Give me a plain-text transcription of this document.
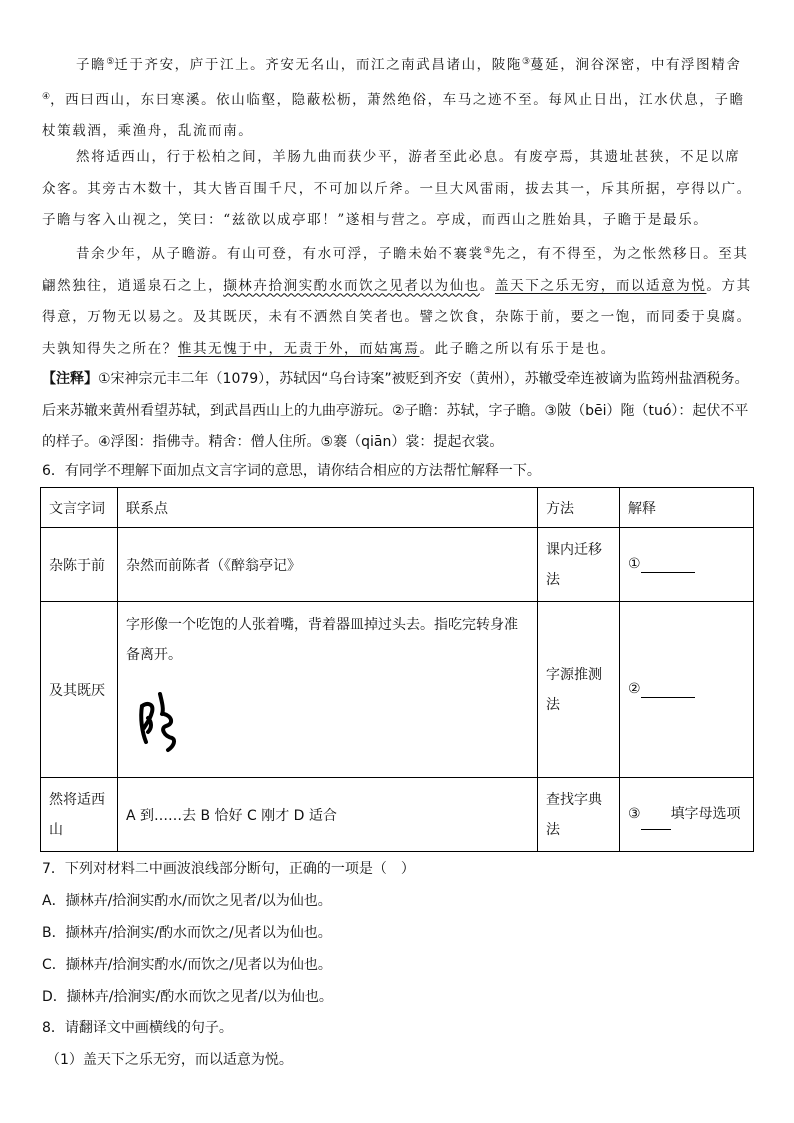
子瞻⑤迁于齐安，庐于江上。齐安无名山，而江之南武昌诸山，陂陁③蔓延，涧谷深密，中有浮图精舍④，西曰西山，东曰寒溪。依山临壑，隐蔽松枥，萧然绝俗，车马之迹不至。每风止日出，江水伏息，子瞻杖策载酒，乘渔舟，乱流而南。

然将适西山，行于松柏之间，羊肠九曲而获少平，游者至此必息。有废亭焉，其遗址甚狭，不足以席众客。其旁古木数十，其大皆百围千尺，不可加以斤斧。一旦大风雷雨，拔去其一，斥其所据，亭得以广。子瞻与客入山视之，笑曰：“兹欲以成亭耶！”遂相与营之。亭成，而西山之胜始具，子瞻于是最乐。

昔余少年，从子瞻游。有山可登，有水可浮，子瞻未始不褰裳⑤先之，有不得至，为之怅然移日。至其翩然独往，逍遥泉石之上，撷林卉拾涧实酌水而饮之见者以为仙也。盖天下之乐无穷，而以适意为悦。方其得意，万物无以易之。及其既厌，未有不洒然自笑者也。譬之饮食，杂陈于前，要之一饱，而同委于臭腐。夫孰知得失之所在？惟其无愧于中，无责于外，而姑寓焉。此子瞻之所以有乐于是也。

【注释】①宋神宗元丰二年（1079），苏轼因“乌台诗案”被贬到齐安（黄州），苏辙受牵连被谪为监筠州盐酒税务。后来苏辙来黄州看望苏轼，到武昌西山上的九曲亭游玩。②子瞻：苏轼，字子瞻。③陂（bēi）陁（tuó）：起伏不平的样子。④浮图：指佛寺。精舍：僧人住所。⑤褰（qiān）裳：提起衣裳。

6．有同学不理解下面加点文言字词的意思，请你结合相应的方法帮忙解释一下。

文言字词	联系点	方法	解释
杂陈于前	杂然而前陈者（《醉翁亭记》	课内迁移法	①
及其既厌	字形像一个吃饱的人张着嘴，背着器皿掉过头去。指吃完转身准备离开。	字源推测法	②
然将适西山	A 到……去 B 恰好 C 刚才 D 适合	查找字典法	③ 填字母选项

7．下列对材料二中画波浪线部分断句，正确的一项是（　）

A．撷林卉/拾涧实酌水/而饮之见者/以为仙也。

B．撷林卉/拾涧实/酌水而饮之/见者以为仙也。

C．撷林卉/拾涧实酌水/而饮之/见者以为仙也。

D．撷林卉/拾涧实/酌水而饮之见者/以为仙也。

8．请翻译文中画横线的句子。

（1）盖天下之乐无穷，而以适意为悦。
